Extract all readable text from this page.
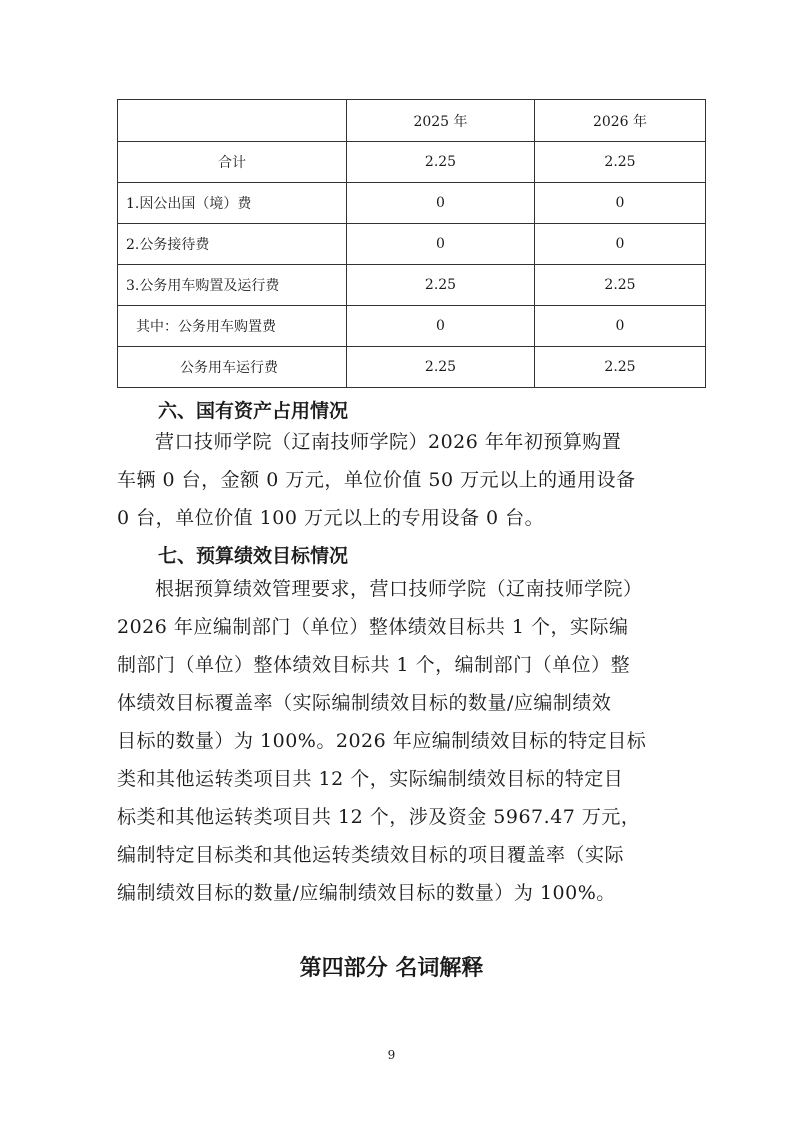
	2025 年	2026 年
合计	2.25	2.25
1.因公出国（境）费	0	0
2.公务接待费	0	0
3.公务用车购置及运行费	2.25	2.25
其中：公务用车购置费	0	0
公务用车运行费	2.25	2.25
六、国有资产占用情况

营口技师学院（辽南技师学院）2026 年年初预算购置
车辆 0 台，金额 0 万元，单位价值 50 万元以上的通用设备
0 台，单位价值 100 万元以上的专用设备 0 台。

七、预算绩效目标情况

根据预算绩效管理要求，营口技师学院（辽南技师学院）
2026 年应编制部门（单位）整体绩效目标共 1 个，实际编
制部门（单位）整体绩效目标共 1 个，编制部门（单位）整
体绩效目标覆盖率（实际编制绩效目标的数量/应编制绩效
目标的数量）为 100%。2026 年应编制绩效目标的特定目标
类和其他运转类项目共 12 个，实际编制绩效目标的特定目
标类和其他运转类项目共 12 个，涉及资金 5967.47 万元，
编制特定目标类和其他运转类绩效目标的项目覆盖率（实际
编制绩效目标的数量/应编制绩效目标的数量）为 100%。

第四部分 名词解释
9
